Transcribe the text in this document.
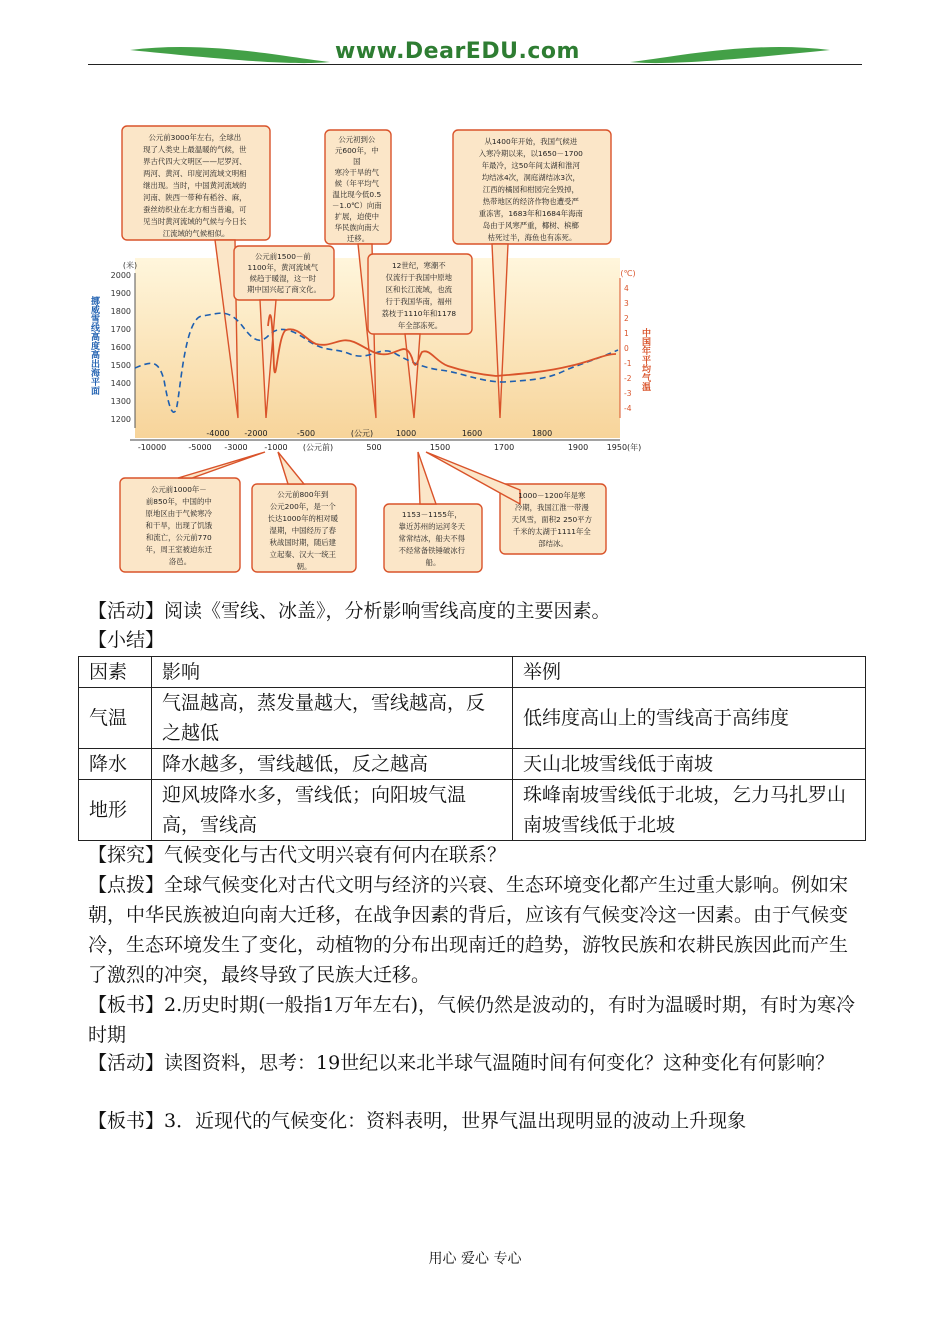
www.DearEDU.com
公元前3000年左右，全球出 现了人类史上最温暖的气候，世 界古代四大文明区——尼罗河、 两河、黄河、印度河流域文明相 继出现。当时，中国黄河流域的 河南、陕西一带种有稻谷、麻， 蚕丝纺织业在北方相当普遍，可 见当时黄河流域的气候与今日长 江流域的气候相似。
公元初到公 元600年，中 国 寒冷干旱的气 候（年平均气 温比现今低0.5 －1.0℃）向南 扩展，迫使中 华民族向南大 迁移。
从1400年开始，我国气候进 入寒冷期以来，以1650－1700 年最冷，这50年间太湖和淮河 均结冰4次，洞庭湖结冰3次， 江西的橘园和柑园完全毁掉， 热带地区的经济作物也遭受严 重冻害，1683年和1684年海南 岛由于风寒严重，椰树、槟榔 枯死过半，海鱼也有冻死。
公元前1500－前 1100年，黄河流域气 候趋于暖湿，这一时 期中国兴起了商文化。
12世纪，寒潮不 仅流行于我国中原地 区和长江流域，也流 行于我国华南，福州 荔枝于1110年和1178 年全部冻死。
公元前1000年－ 前850年，中国的中 原地区由于气候寒冷 和干旱，出现了饥饿 和流亡，公元前770 年，周王室被迫东迁 洛邑。
公元前800年到 公元200年，是一个 长达1000年的相对暖 湿期，中国经历了春 秋战国时期，随后建 立起秦、汉大一统王 朝。
1153－1155年， 靠近苏州的运河冬天 常常结冰，船夫不得 不经常备铁锤破冰行 船。
1000－1200年是寒 冷期，我国江淮一带漫 天风雪，面积2 250平方 千米的太湖于1111年全 部结冰。
(米)
2000
1900
1800
1700
1600
1500
1400
1300
1200
挪威雪线高度高出海平面
(℃)
4
3
2
1
0
-1
-2
-3
-4
中国年平均气温
-4000 -2000	-500	1000	1600	1800
(公元)
-10000	-5000 -3000 -1000	500	1500	1700	1900 1950(年)
(公元前)
【活动】阅读《雪线、冰盖》，分析影响雪线高度的主要因素。
【小结】
因素	影响	举例
气温	气温越高，蒸发量越大，雪线越高，反之越低	低纬度高山上的雪线高于高纬度
降水	降水越多，雪线越低，反之越高	天山北坡雪线低于南坡
地形	迎风坡降水多，雪线低；向阳坡气温高，雪线高	珠峰南坡雪线低于北坡，乞力马扎罗山南坡雪线低于北坡
【探究】气候变化与古代文明兴衰有何内在联系？
【点拨】全球气候变化对古代文明与经济的兴衰、生态环境变化都产生过重大影响。例如宋朝，中华民族被迫向南大迁移，在战争因素的背后，应该有气候变冷这一因素。由于气候变冷，生态环境发生了变化，动植物的分布出现南迁的趋势，游牧民族和农耕民族因此而产生了激烈的冲突，最终导致了民族大迁移。
【板书】2.历史时期(一般指1万年左右)，气候仍然是波动的，有时为温暖时期，有时为寒冷时期
【活动】读图资料，思考：19世纪以来北半球气温随时间有何变化？这种变化有何影响？
【板书】3．近现代的气候变化：资料表明，世界气温出现明显的波动上升现象
用心 爱心 专心
